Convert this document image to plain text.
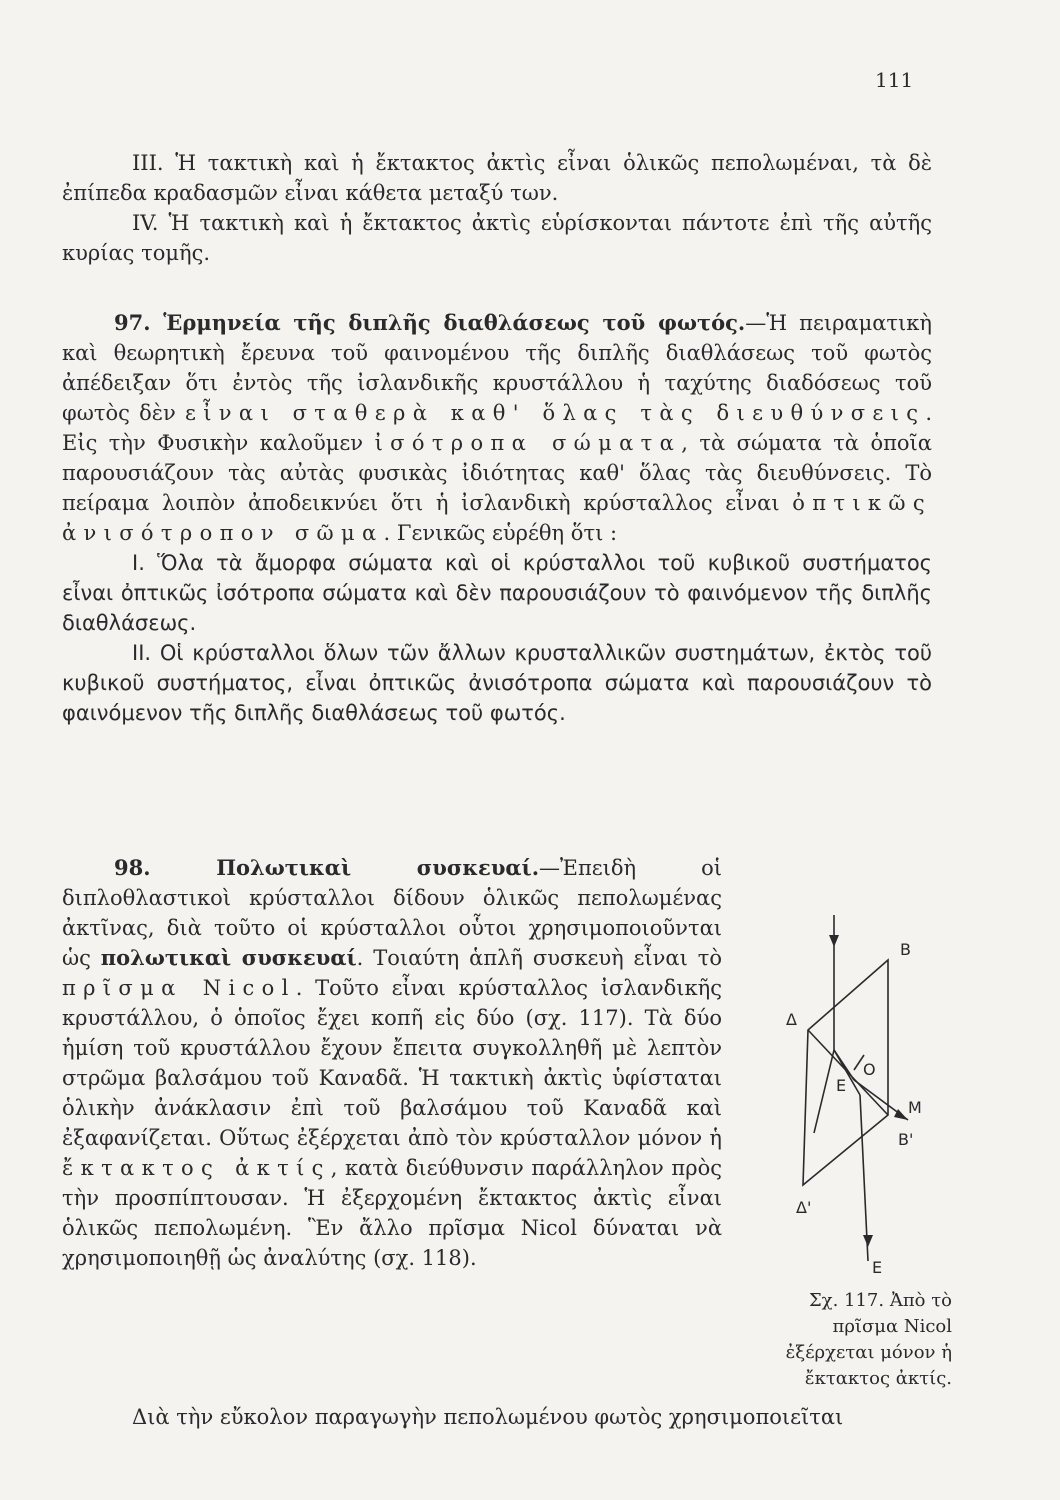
111

III. Ἡ τακτικὴ καὶ ἡ ἔκτακτος ἀκτὶς εἶναι ὁλικῶς πεπολωμέναι, τὰ δὲ ἐπίπεδα κραδασμῶν εἶναι κάθετα μεταξύ των.

IV. Ἡ τακτικὴ καὶ ἡ ἔκτακτος ἀκτὶς εὑρίσκονται πάντοτε ἐπὶ τῆς αὐτῆς κυρίας τομῆς.

97. Ἑρμηνεία τῆς διπλῆς διαθλάσεως τοῦ φωτός.—Ἡ πειραματικὴ καὶ θεωρητικὴ ἔρευνα τοῦ φαινομένου τῆς διπλῆς διαθλάσεως τοῦ φωτὸς ἀπέδειξαν ὅτι ἐντὸς τῆς ἰσλανδικῆς κρυστάλλου ἡ ταχύτης διαδόσεως τοῦ φωτὸς δὲν εἶναι σταθερὰ καθ' ὅλας τὰς διευθύνσεις. Εἰς τὴν Φυσικὴν καλοῦμεν ἰσότροπα σώματα, τὰ σώματα τὰ ὁποῖα παρουσιάζουν τὰς αὐτὰς φυσικὰς ἰδιότητας καθ' ὅλας τὰς διευθύνσεις. Τὸ πείραμα λοιπὸν ἀποδεικνύει ὅτι ἡ ἰσλανδικὴ κρύσταλλος εἶναι ὀπτικῶς ἀνισότροπον σῶμα. Γενικῶς εὑρέθη ὅτι :

I. Ὅλα τὰ ἄμορφα σώματα καὶ οἱ κρύσταλλοι τοῦ κυβικοῦ συστήματος εἶναι ὀπτικῶς ἰσότροπα σώματα καὶ δὲν παρουσιάζουν τὸ φαινόμενον τῆς διπλῆς διαθλάσεως.

II. Οἱ κρύσταλλοι ὅλων τῶν ἄλλων κρυσταλλικῶν συστημάτων, ἐκτὸς τοῦ κυβικοῦ συστήματος, εἶναι ὀπτικῶς ἀνισότροπα σώματα καὶ παρουσιάζουν τὸ φαινόμενον τῆς διπλῆς διαθλάσεως τοῦ φωτός.

98. Πολωτικαὶ συσκευαί.—Ἐπειδὴ οἱ διπλοθλαστικοὶ κρύσταλλοι δίδουν ὁλικῶς πεπολωμένας ἀκτῖνας, διὰ τοῦτο οἱ κρύσταλλοι οὗτοι χρησιμοποιοῦνται ὡς πολωτικαὶ συσκευαί. Τοιαύτη ἁπλῆ συσκευὴ εἶναι τὸ πρῖσμα Nicol. Τοῦτο εἶναι κρύσταλλος ἰσλανδικῆς κρυστάλλου, ὁ ὁποῖος ἔχει κοπῆ εἰς δύο (σχ. 117). Τὰ δύο ἡμίση τοῦ κρυστάλλου ἔχουν ἔπειτα συγκολληθῆ μὲ λεπτὸν στρῶμα βαλσάμου τοῦ Καναδᾶ. Ἡ τακτικὴ ἀκτὶς ὑφίσταται ὁλικὴν ἀνάκλασιν ἐπὶ τοῦ βαλσάμου τοῦ Καναδᾶ καὶ ἐξαφανίζεται. Οὕτως ἐξέρχεται ἀπὸ τὸν κρύσταλλον μόνον ἡ ἔκτακτος ἀκτίς, κατὰ διεύθυνσιν παράλληλον πρὸς τὴν προσπίπτουσαν. Ἡ ἐξερχομένη ἔκτακτος ἀκτὶς εἶναι ὁλικῶς πεπολωμένη. Ἓν ἄλλο πρῖσμα Nicol δύναται νὰ χρησιμοποιηθῇ ὡς ἀναλύτης (σχ. 118).

B
Δ
O
E
M
B'
Δ'
E
Σχ. 117. Ἀπὸ τὸ πρῖσμα Nicol ἐξέρχεται μόνον ἡ ἔκτακτος ἀκτίς.
Διὰ τὴν εὔκολον παραγωγὴν πεπολωμένου φωτὸς χρησιμοποιεῖται
